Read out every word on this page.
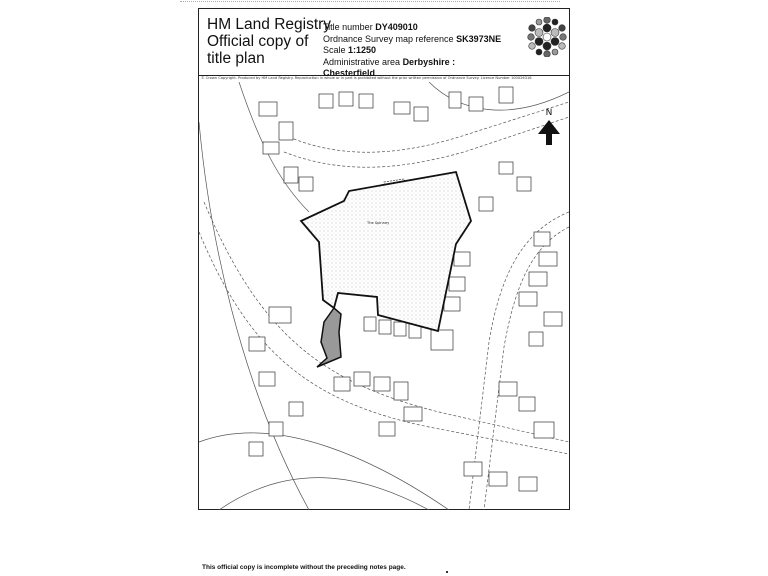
HM Land Registry
Official copy of
title plan
Title number DY409010
Ordnance Survey map reference SK3973NE
Scale 1:1250
Administrative area Derbyshire :
Chesterfield
© Crown Copyright. Produced by HM Land Registry. Reproduction in whole or in part is prohibited without the prior written permission of Ordnance Survey. Licence Number 100026316
The Spinney
N
This official copy is incomplete without the preceding notes page.
